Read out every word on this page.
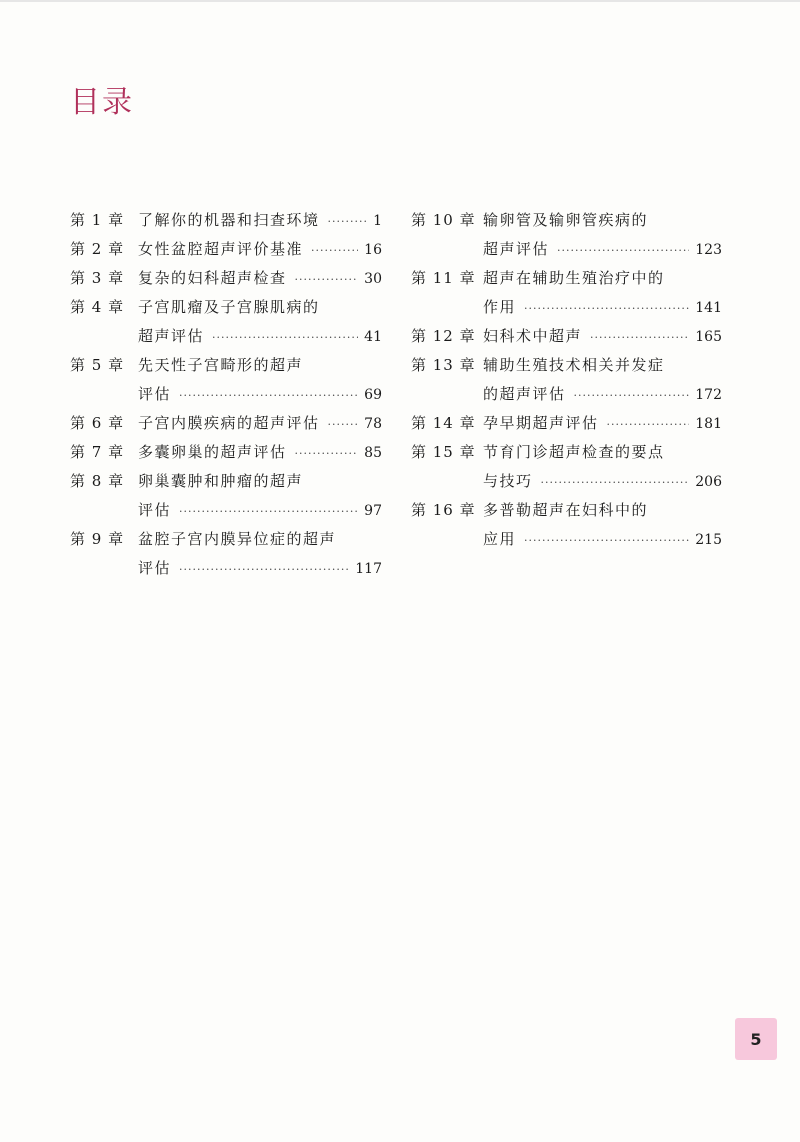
目录
第 1 章 了解你的机器和扫查环境 ·····	1
第 2 章 女性盆腔超声评价基准 ·····	16
第 3 章 复杂的妇科超声检查 ·····	30
第 4 章 子宫肌瘤及子宫腺肌病的
超声评估 ·····	41
第 5 章 先天性子宫畸形的超声
评估 ·····	69
第 6 章 子宫内膜疾病的超声评估 ·····	78
第 7 章 多囊卵巢的超声评估 ·····	85
第 8 章 卵巢囊肿和肿瘤的超声
评估 ·····	97
第 9 章 盆腔子宫内膜异位症的超声
评估 ·····	117
第 10 章 输卵管及输卵管疾病的
超声评估 ·····	123
第 11 章 超声在辅助生殖治疗中的
作用 ·····	141
第 12 章 妇科术中超声 ·····	165
第 13 章 辅助生殖技术相关并发症
的超声评估 ·····	172
第 14 章 孕早期超声评估 ·····	181
第 15 章 节育门诊超声检查的要点
与技巧 ·····	206
第 16 章 多普勒超声在妇科中的
应用 ·····	215
5
